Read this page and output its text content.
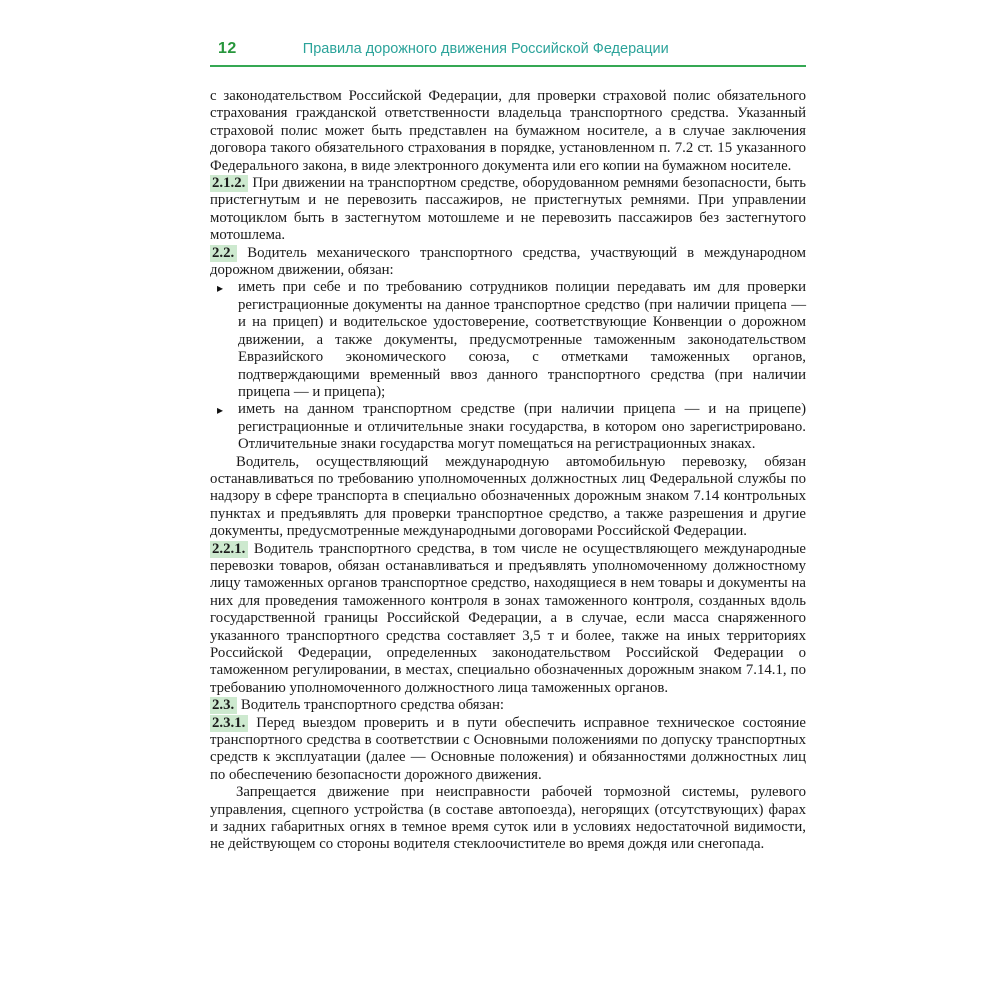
12	Правила дорожного движения Российской Федерации

с законодательством Российской Федерации, для проверки страховой полис обязательного страхования гражданской ответственности владельца транспортного средства. Указанный страховой полис может быть представлен на бумажном носителе, а в случае заключения договора такого обязательного страхования в порядке, установленном п. 7.2 ст. 15 указанного Федерального закона, в виде электронного документа или его копии на бумажном носителе.

2.1.2. При движении на транспортном средстве, оборудованном ремнями безопасности, быть пристегнутым и не перевозить пассажиров, не пристегнутых ремнями. При управлении мотоциклом быть в застегнутом мотошлеме и не перевозить пассажиров без застегнутого мотошлема.

2.2. Водитель механического транспортного средства, участвующий в международном дорожном движении, обязан:

▸ иметь при себе и по требованию сотрудников полиции передавать им для проверки регистрационные документы на данное транспортное средство (при наличии прицепа — и на прицеп) и водительское удостоверение, соответствующие Конвенции о дорожном движении, а также документы, предусмотренные таможенным законодательством Евразийского экономического союза, с отметками таможенных органов, подтверждающими временный ввоз данного транспортного средства (при наличии прицепа — и прицепа);
▸ иметь на данном транспортном средстве (при наличии прицепа — и на прицепе) регистрационные и отличительные знаки государства, в котором оно зарегистрировано. Отличительные знаки государства могут помещаться на регистрационных знаках.

Водитель, осуществляющий международную автомобильную перевозку, обязан останавливаться по требованию уполномоченных должностных лиц Федеральной службы по надзору в сфере транспорта в специально обозначенных дорожным знаком 7.14 контрольных пунктах и предъявлять для проверки транспортное средство, а также разрешения и другие документы, предусмотренные международными договорами Российской Федерации.

2.2.1. Водитель транспортного средства, в том числе не осуществляющего международные перевозки товаров, обязан останавливаться и предъявлять уполномоченному должностному лицу таможенных органов транспортное средство, находящиеся в нем товары и документы на них для проведения таможенного контроля в зонах таможенного контроля, созданных вдоль государственной границы Российской Федерации, а в случае, если масса снаряженного указанного транспортного средства составляет 3,5 т и более, также на иных территориях Российской Федерации, определенных законодательством Российской Федерации о таможенном регулировании, в местах, специально обозначенных дорожным знаком 7.14.1, по требованию уполномоченного должностного лица таможенных органов.

2.3. Водитель транспортного средства обязан:

2.3.1. Перед выездом проверить и в пути обеспечить исправное техническое состояние транспортного средства в соответствии с Основными положениями по допуску транспортных средств к эксплуатации (далее — Основные положения) и обязанностями должностных лиц по обеспечению безопасности дорожного движения.

Запрещается движение при неисправности рабочей тормозной системы, рулевого управления, сцепного устройства (в составе автопоезда), негорящих (отсутствующих) фарах и задних габаритных огнях в темное время суток или в условиях недостаточной видимости, не действующем со стороны водителя стеклоочистителе во время дождя или снегопада.
